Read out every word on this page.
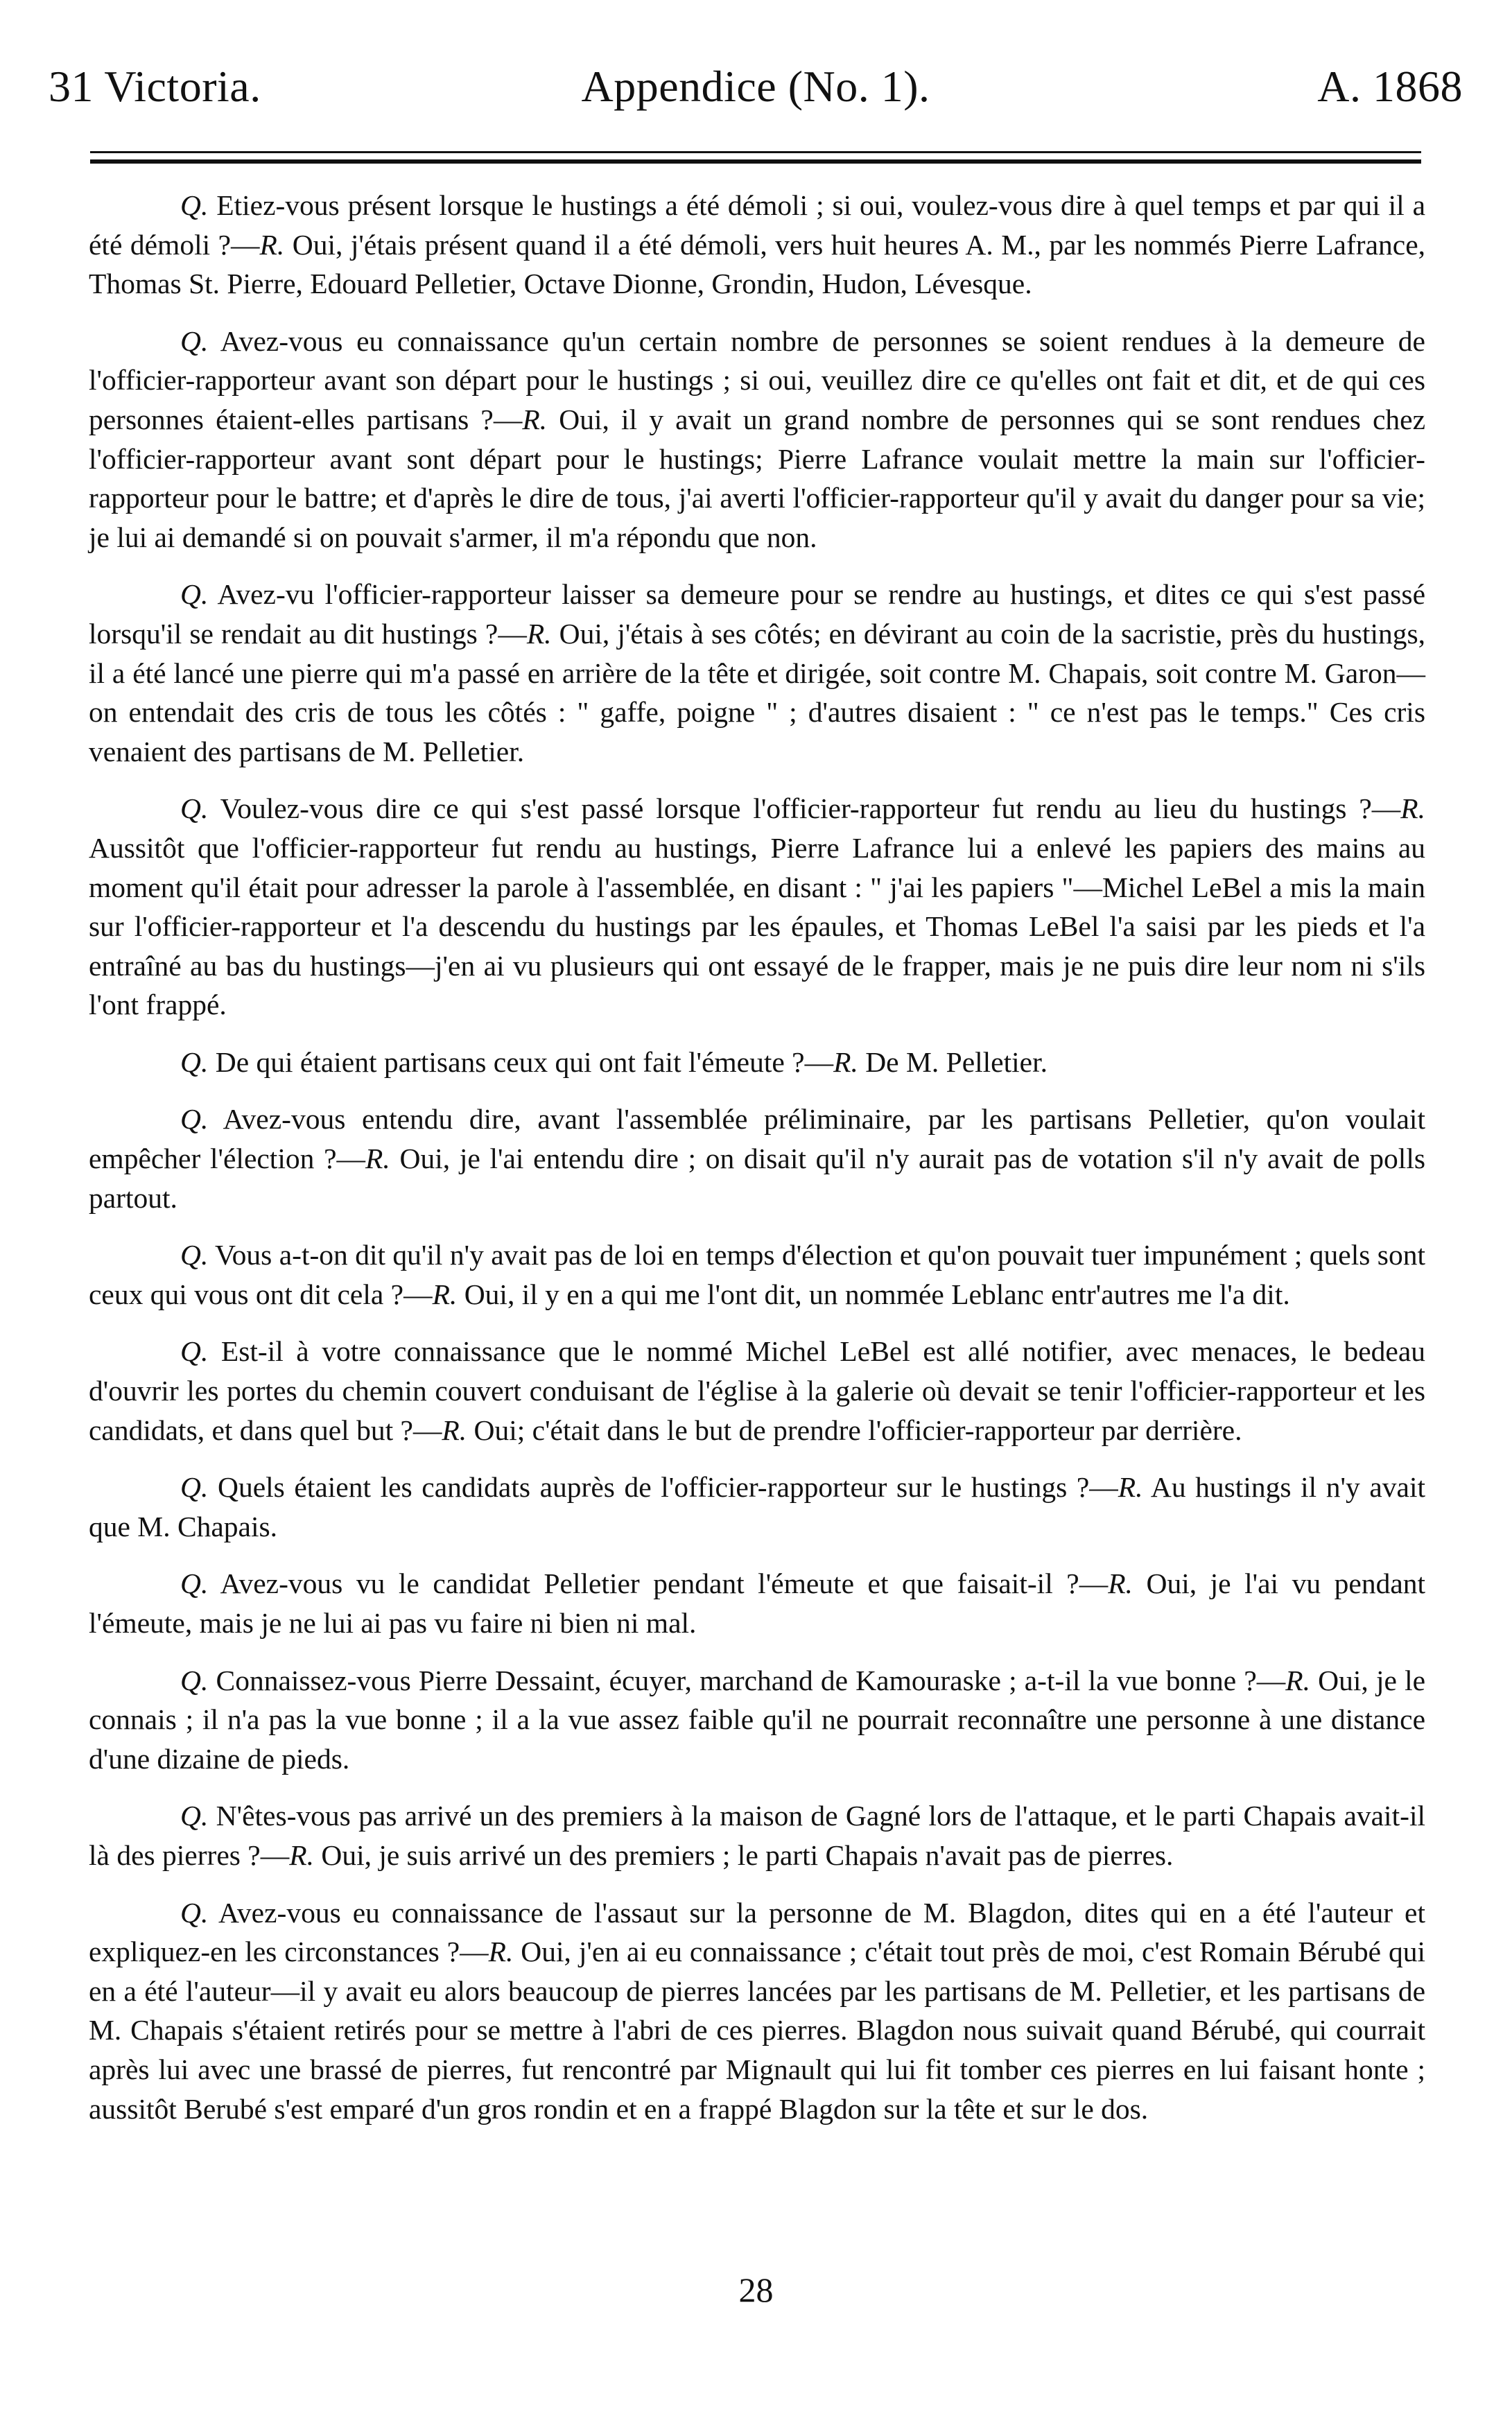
31 Victoria.	Appendice (No. 1).	A. 1868

Q. Etiez-vous présent lorsque le hustings a été démoli ; si oui, voulez-vous dire à quel temps et par qui il a été démoli ?—R. Oui, j'étais présent quand il a été démoli, vers huit heures A. M., par les nommés Pierre Lafrance, Thomas St. Pierre, Edouard Pelletier, Octave Dionne, Grondin, Hudon, Lévesque.

Q. Avez-vous eu connaissance qu'un certain nombre de personnes se soient rendues à la demeure de l'officier-rapporteur avant son départ pour le hustings ; si oui, veuillez dire ce qu'elles ont fait et dit, et de qui ces personnes étaient-elles partisans ?—R. Oui, il y avait un grand nombre de personnes qui se sont rendues chez l'officier-rapporteur avant sont départ pour le hustings; Pierre Lafrance voulait mettre la main sur l'officier-rapporteur pour le battre; et d'après le dire de tous, j'ai averti l'officier-rapporteur qu'il y avait du danger pour sa vie; je lui ai demandé si on pouvait s'armer, il m'a répondu que non.

Q. Avez-vu l'officier-rapporteur laisser sa demeure pour se rendre au hustings, et dites ce qui s'est passé lorsqu'il se rendait au dit hustings ?—R. Oui, j'étais à ses côtés; en dévirant au coin de la sacristie, près du hustings, il a été lancé une pierre qui m'a passé en arrière de la tête et dirigée, soit contre M. Chapais, soit contre M. Garon—on entendait des cris de tous les côtés : " gaffe, poigne " ; d'autres disaient : " ce n'est pas le temps." Ces cris venaient des partisans de M. Pelletier.

Q. Voulez-vous dire ce qui s'est passé lorsque l'officier-rapporteur fut rendu au lieu du hustings ?—R. Aussitôt que l'officier-rapporteur fut rendu au hustings, Pierre Lafrance lui a enlevé les papiers des mains au moment qu'il était pour adresser la parole à l'assemblée, en disant : " j'ai les papiers "—Michel LeBel a mis la main sur l'officier-rapporteur et l'a descendu du hustings par les épaules, et Thomas LeBel l'a saisi par les pieds et l'a entraîné au bas du hustings—j'en ai vu plusieurs qui ont essayé de le frapper, mais je ne puis dire leur nom ni s'ils l'ont frappé.

Q. De qui étaient partisans ceux qui ont fait l'émeute ?—R. De M. Pelletier.

Q. Avez-vous entendu dire, avant l'assemblée préliminaire, par les partisans Pelletier, qu'on voulait empêcher l'élection ?—R. Oui, je l'ai entendu dire ; on disait qu'il n'y aurait pas de votation s'il n'y avait de polls partout.

Q. Vous a-t-on dit qu'il n'y avait pas de loi en temps d'élection et qu'on pouvait tuer impunément ; quels sont ceux qui vous ont dit cela ?—R. Oui, il y en a qui me l'ont dit, un nommée Leblanc entr'autres me l'a dit.

Q. Est-il à votre connaissance que le nommé Michel LeBel est allé notifier, avec menaces, le bedeau d'ouvrir les portes du chemin couvert conduisant de l'église à la galerie où devait se tenir l'officier-rapporteur et les candidats, et dans quel but ?—R. Oui; c'était dans le but de prendre l'officier-rapporteur par derrière.

Q. Quels étaient les candidats auprès de l'officier-rapporteur sur le hustings ?—R. Au hustings il n'y avait que M. Chapais.

Q. Avez-vous vu le candidat Pelletier pendant l'émeute et que faisait-il ?—R. Oui, je l'ai vu pendant l'émeute, mais je ne lui ai pas vu faire ni bien ni mal.

Q. Connaissez-vous Pierre Dessaint, écuyer, marchand de Kamouraske ; a-t-il la vue bonne ?—R. Oui, je le connais ; il n'a pas la vue bonne ; il a la vue assez faible qu'il ne pourrait reconnaître une personne à une distance d'une dizaine de pieds.

Q. N'êtes-vous pas arrivé un des premiers à la maison de Gagné lors de l'attaque, et le parti Chapais avait-il là des pierres ?—R. Oui, je suis arrivé un des premiers ; le parti Chapais n'avait pas de pierres.

Q. Avez-vous eu connaissance de l'assaut sur la personne de M. Blagdon, dites qui en a été l'auteur et expliquez-en les circonstances ?—R. Oui, j'en ai eu connaissance ; c'était tout près de moi, c'est Romain Bérubé qui en a été l'auteur—il y avait eu alors beaucoup de pierres lancées par les partisans de M. Pelletier, et les partisans de M. Chapais s'étaient retirés pour se mettre à l'abri de ces pierres. Blagdon nous suivait quand Bérubé, qui courrait après lui avec une brassé de pierres, fut rencontré par Mignault qui lui fit tomber ces pierres en lui faisant honte ; aussitôt Berubé s'est emparé d'un gros rondin et en a frappé Blagdon sur la tête et sur le dos.

28
